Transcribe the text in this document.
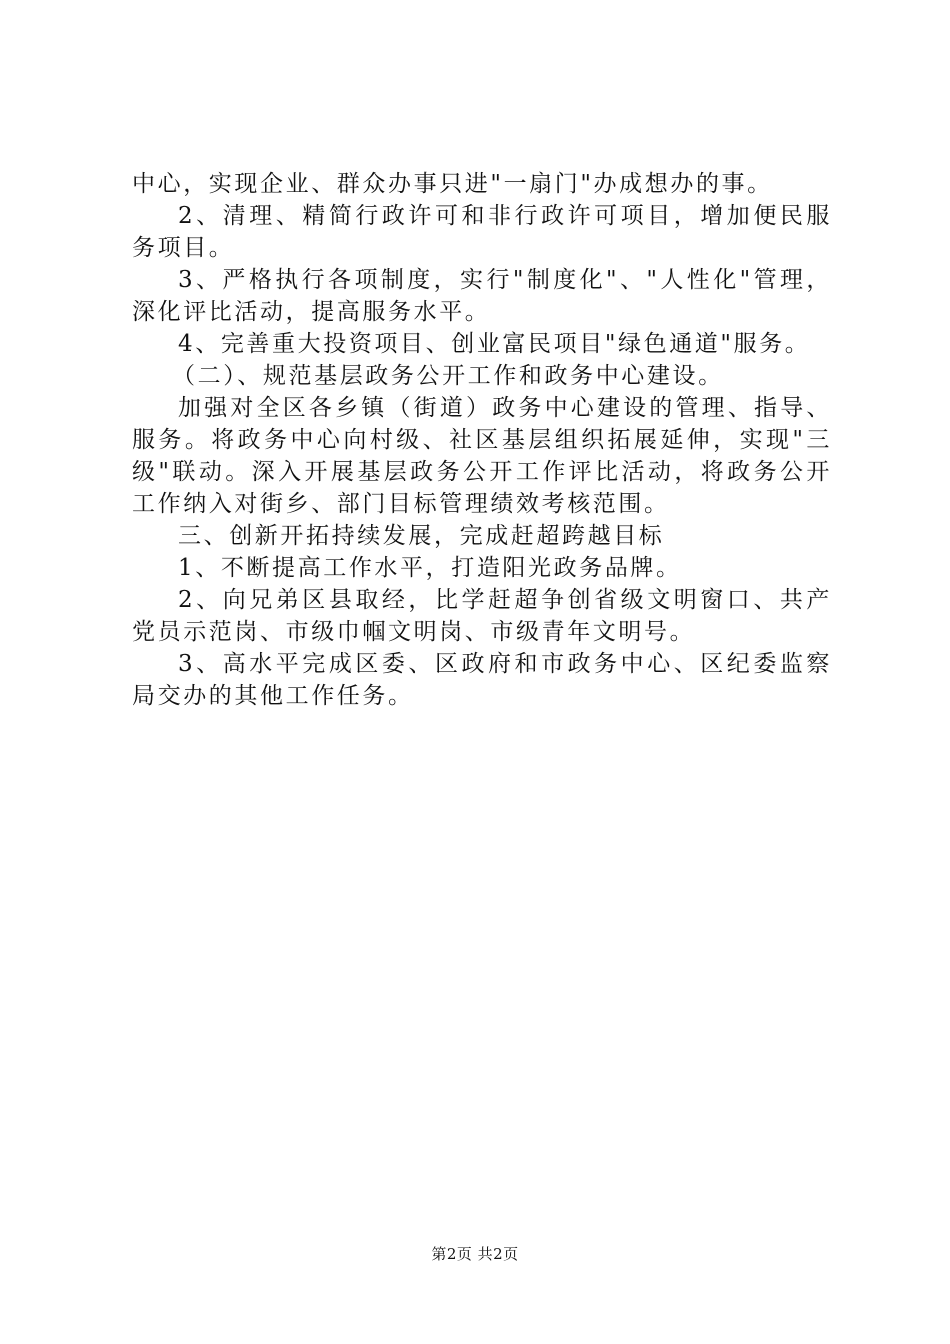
中心，实现企业、群众办事只进"一扇门"办成想办的事。

2、清理、精简行政许可和非行政许可项目，增加便民服务项目。

3、严格执行各项制度，实行"制度化"、"人性化"管理，深化评比活动，提高服务水平。

4、完善重大投资项目、创业富民项目"绿色通道"服务。

（二）、规范基层政务公开工作和政务中心建设。

加强对全区各乡镇（街道）政务中心建设的管理、指导、服务。将政务中心向村级、社区基层组织拓展延伸，实现"三级"联动。深入开展基层政务公开工作评比活动，将政务公开工作纳入对街乡、部门目标管理绩效考核范围。

三、创新开拓持续发展，完成赶超跨越目标

1、不断提高工作水平，打造阳光政务品牌。

2、向兄弟区县取经，比学赶超争创省级文明窗口、共产党员示范岗、市级巾帼文明岗、市级青年文明号。

3、高水平完成区委、区政府和市政务中心、区纪委监察局交办的其他工作任务。

第2页 共2页
